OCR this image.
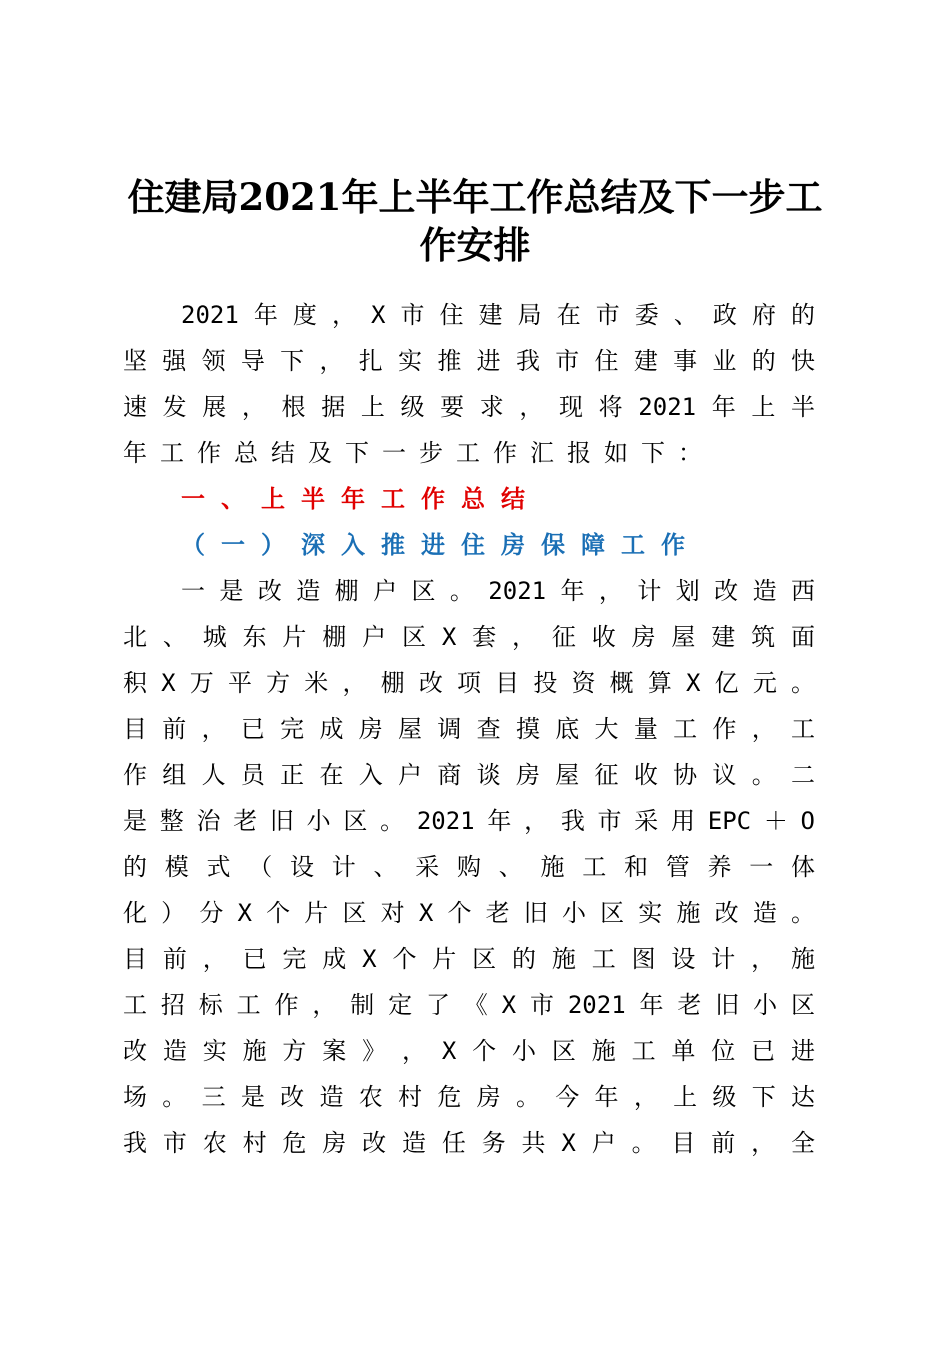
住建局2021年上半年工作总结及下一步工
作安排

2​0​2​1​年​度​，​X​市​住​建​局​在​市​委​、​政​府​的

坚​强​领​导​下​，​扎​实​推​进​我​市​住​建​事​业​的​快

速​发​展​，​根​据​上​级​要​求​，​现​将​2​0​2​1​年​上​半

年工作总结及下一步工作汇报如下：

一、上半年工作总结
（一）深入推进住房保障工作

一​是​改​造​棚​户​区​。​2​0​2​1​年​，​计​划​改​造​西

北​、​城​东​片​棚​户​区​X​套​，​征​收​房​屋​建​筑​面

积​X​万​平​方​米​，​棚​改​项​目​投​资​概​算​X​亿​元​。

目​前​，​已​完​成​房​屋​调​查​摸​底​大​量​工​作​，​工

作​组​人​员​正​在​入​户​商​谈​房​屋​征​收​协​议​。​二

是​整​治​老​旧​小​区​。​2​0​2​1​年​，​我​市​采​用​E​P​C​＋​O

的​模​式​（​设​计​、​采​购​、​施​工​和​管​养​一​体

化​）​分​X​个​片​区​对​X​个​老​旧​小​区​实​施​改​造​。

目​前​，​已​完​成​X​个​片​区​的​施​工​图​设​计​，​施

工​招​标​工​作​，​制​定​了​《​X​市​2​0​2​1​年​老​旧​小​区

改​造​实​施​方​案​》​，​X​个​小​区​施​工​单​位​已​进

场​。​三​是​改​造​农​村​危​房​。​今​年​，​上​级​下​达

我​市​农​村​危​房​改​造​任​务​共​X​户​。​目​前​，​全
